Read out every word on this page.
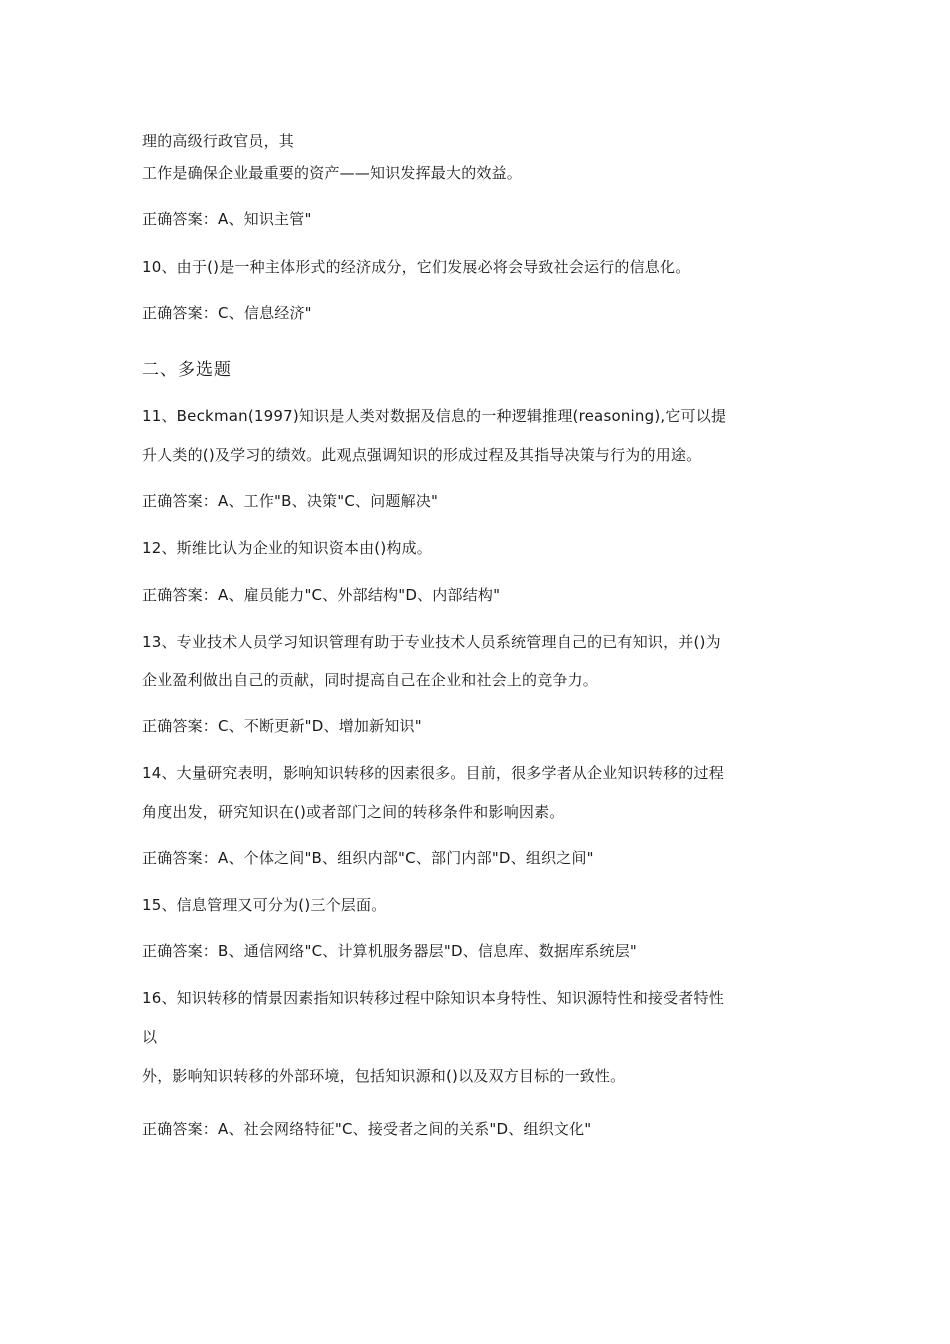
理的高级行政官员，其
工作是确保企业最重要的资产——知识发挥最大的效益。
正确答案：A、知识主管"
10、由于()是一种主体形式的经济成分，它们发展必将会导致社会运行的信息化。
正确答案：C、信息经济"
二、多选题
11、Beckman(1997)知识是人类对数据及信息的一种逻辑推理(reasoning),它可以提
升人类的()及学习的绩效。此观点强调知识的形成过程及其指导决策与行为的用途。
正确答案：A、工作"B、决策"C、问题解决"
12、斯维比认为企业的知识资本由()构成。
正确答案：A、雇员能力"C、外部结构"D、内部结构"
13、专业技术人员学习知识管理有助于专业技术人员系统管理自己的已有知识，并()为
企业盈利做出自己的贡献，同时提高自己在企业和社会上的竞争力。
正确答案：C、不断更新"D、增加新知识"
14、大量研究表明，影响知识转移的因素很多。目前，很多学者从企业知识转移的过程
角度出发，研究知识在()或者部门之间的转移条件和影响因素。
正确答案：A、个体之间"B、组织内部"C、部门内部"D、组织之间"
15、信息管理又可分为()三个层面。
正确答案：B、通信网络"C、计算机服务器层"D、信息库、数据库系统层"
16、知识转移的情景因素指知识转移过程中除知识本身特性、知识源特性和接受者特性
以
外，影响知识转移的外部环境，包括知识源和()以及双方目标的一致性。
正确答案：A、社会网络特征"C、接受者之间的关系"D、组织文化"
